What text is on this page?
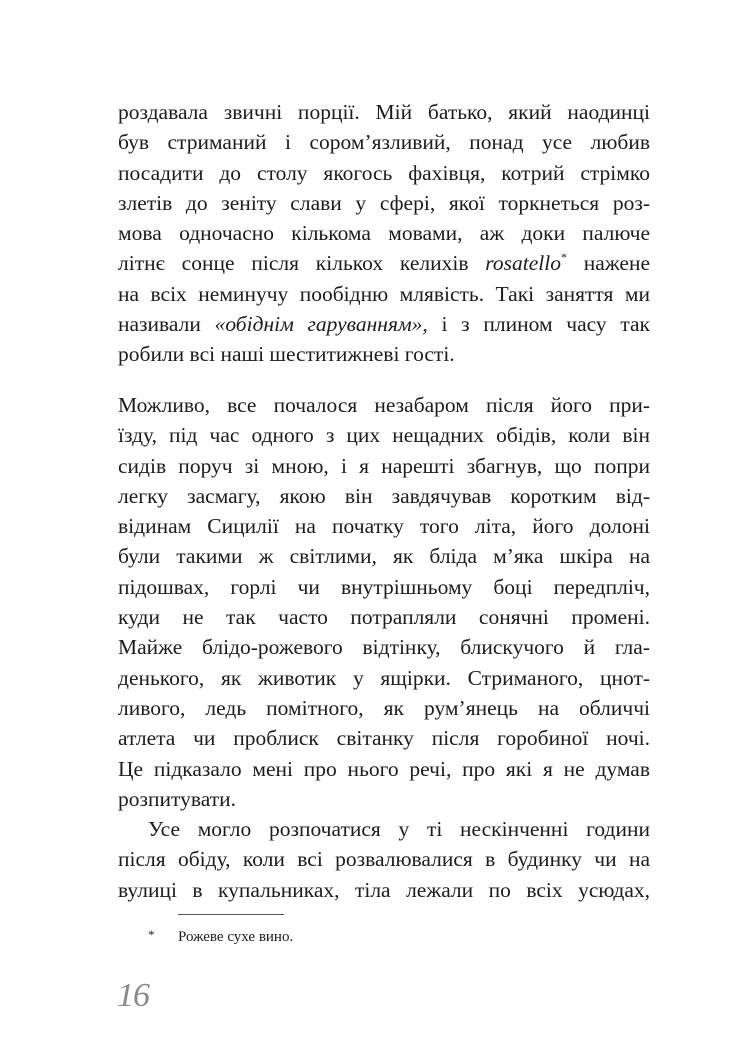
роздавала звичні порції. Мій батько, який наодинці
був стриманий і сором’язливий, понад усе любив
посадити до столу якогось фахівця, котрий стрімко
злетів до зеніту слави у сфері, якої торкнеться роз-
мова одночасно кількома мовами, аж доки палюче
літнє сонце після кількох келихів rosatello* нажене
на всіх неминучу пообідню млявість. Такі заняття ми
називали «обіднім гаруванням», і з плином часу так
робили всі наші шеститижневі гості.
Можливо, все почалося незабаром після його при-
їзду, під час одного з цих нещадних обідів, коли він
сидів поруч зі мною, і я нарешті збагнув, що попри
легку засмагу, якою він завдячував коротким від-
відинам Сицилії на початку того літа, його долоні
були такими ж світлими, як бліда м’яка шкіра на
підошвах, горлі чи внутрішньому боці передпліч,
куди не так часто потрапляли сонячні промені.
Майже блідо-рожевого відтінку, блискучого й гла-
денького, як животик у ящірки. Стриманого, цнот-
ливого, ледь помітного, як рум’янець на обличчі
атлета чи проблиск світанку після горобиної ночі.
Це підказало мені про нього речі, про які я не думав
розпитувати.
Усе могло розпочатися у ті нескінченні години
після обіду, коли всі розвалювалися в будинку чи на
вулиці в купальниках, тіла лежали по всіх усюдах,
* Рожеве сухе вино.
16
